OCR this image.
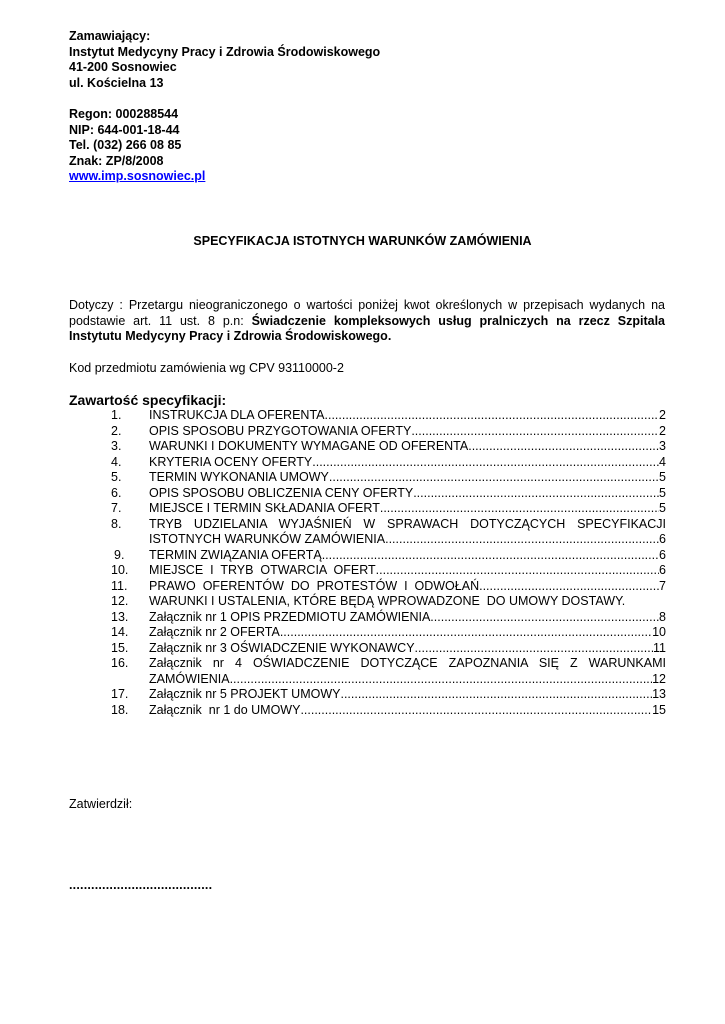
Zamawiający:
Instytut Medycyny Pracy i Zdrowia Środowiskowego
41-200 Sosnowiec
ul. Kościelna 13
Regon: 000288544
NIP: 644-001-18-44
Tel. (032) 266 08 85
Znak: ZP/8/2008
www.imp.sosnowiec.pl
SPECYFIKACJA ISTOTNYCH WARUNKÓW ZAMÓWIENIA
Dotyczy : Przetargu nieograniczonego o wartości poniżej kwot określonych w przepisach wydanych na podstawie art. 11 ust. 8 p.n: Świadczenie kompleksowych usług pralniczych na rzecz Szpitala Instytutu Medycyny Pracy i Zdrowia Środowiskowego.
Kod przedmiotu zamówienia wg CPV 93110000-2
Zawartość specyfikacji:
1.	INSTRUKCJA DLA OFERENTA .....	2
2.	OPIS SPOSOBU PRZYGOTOWANIA OFERTY .....	2
3.	WARUNKI I DOKUMENTY WYMAGANE OD OFERENTA .....	3
4.	KRYTERIA OCENY OFERTY .....	4
5.	TERMIN WYKONANIA UMOWY .....	5
6.	OPIS SPOSOBU OBLICZENIA CENY OFERTY .....	5
7.	MIEJSCE I TERMIN SKŁADANIA OFERT .....	5
8.	TRYB UDZIELANIA WYJAŚNIEŃ W SPRAWACH DOTYCZĄCYCH SPECYFIKACJI
ISTOTNYCH WARUNKÓW ZAMÓWIENIA .....	6
9.	TERMIN ZWIĄZANIA OFERTĄ .....	6
10.	MIEJSCE  I  TRYB  OTWARCIA  OFERT .....	6
11.	PRAWO  OFERENTÓW  DO  PROTESTÓW  I  ODWOŁAŃ .....	7
12.	WARUNKI I USTALENIA, KTÓRE BĘDĄ WPROWADZONE  DO UMOWY DOSTAWY.
13.	Załącznik nr 1 OPIS PRZEDMIOTU ZAMÓWIENIA .....	8
14.	Załącznik nr 2 OFERTA .....	10
15.	Załącznik nr 3 OŚWIADCZENIE WYKONAWCY .....	11
16.	Załącznik nr 4 OŚWIADCZENIE DOTYCZĄCE ZAPOZNANIA SIĘ Z WARUNKAMI
ZAMÓWIENIA .....	12
17.	Załącznik nr 5 PROJEKT UMOWY .....	13
18.	Załącznik  nr 1 do UMOWY .....	15
Zatwierdził:
.......................................
